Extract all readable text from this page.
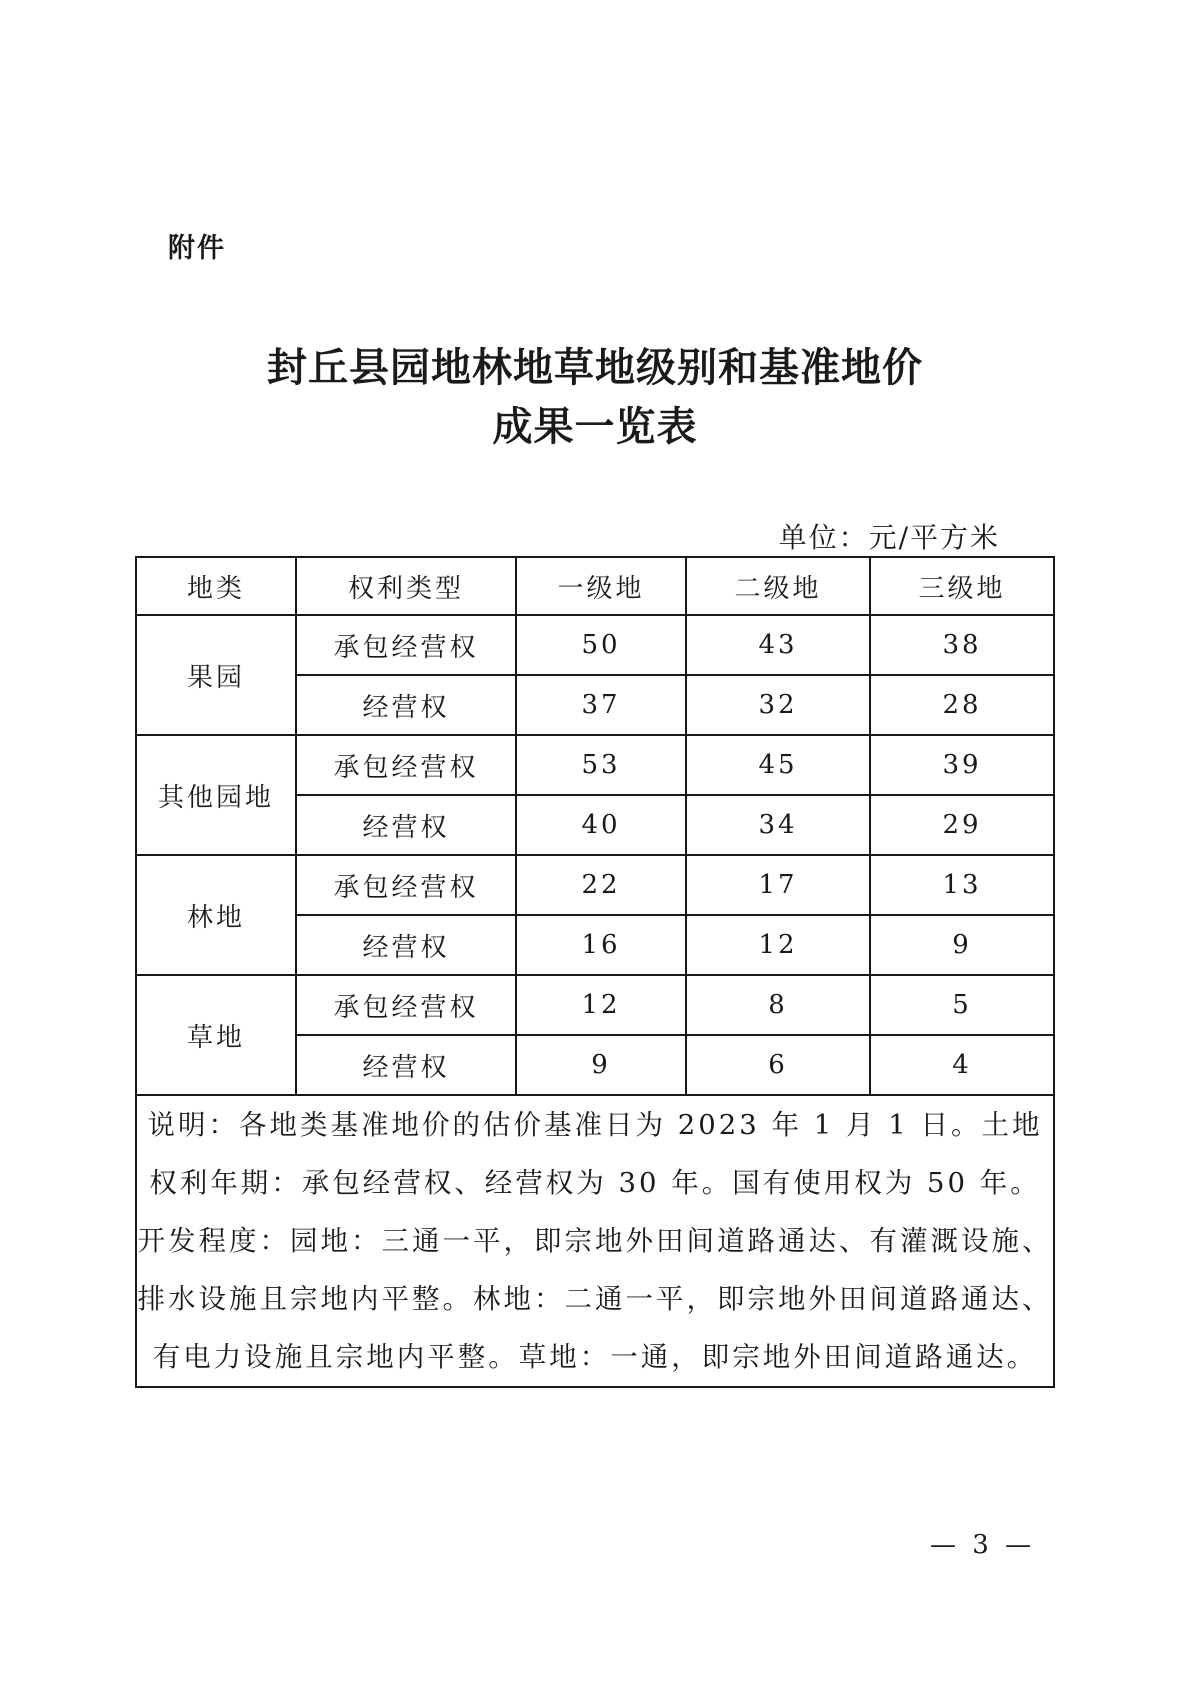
附件
封丘县园地林地草地级别和基准地价
成果一览表
单位：元/平方米
地类	权利类型	一级地	二级地	三级地
果园	承包经营权	50	43	38
	经营权	37	32	28
其他园地	承包经营权	53	45	39
	经营权	40	34	29
林地	承包经营权	22	17	13
	经营权	16	12	9
草地	承包经营权	12	8	5
	经营权	9	6	4
说明：各地类基准地价的估价基准日为 2023 年 1 月 1 日。土地权利年期：承包经营权、经营权为 30 年。国有使用权为 50 年。开发程度：园地：三通一平，即宗地外田间道路通达、有灌溉设施、排水设施且宗地内平整。林地：二通一平，即宗地外田间道路通达、有电力设施且宗地内平整。草地：一通，即宗地外田间道路通达。				
— 3 —
